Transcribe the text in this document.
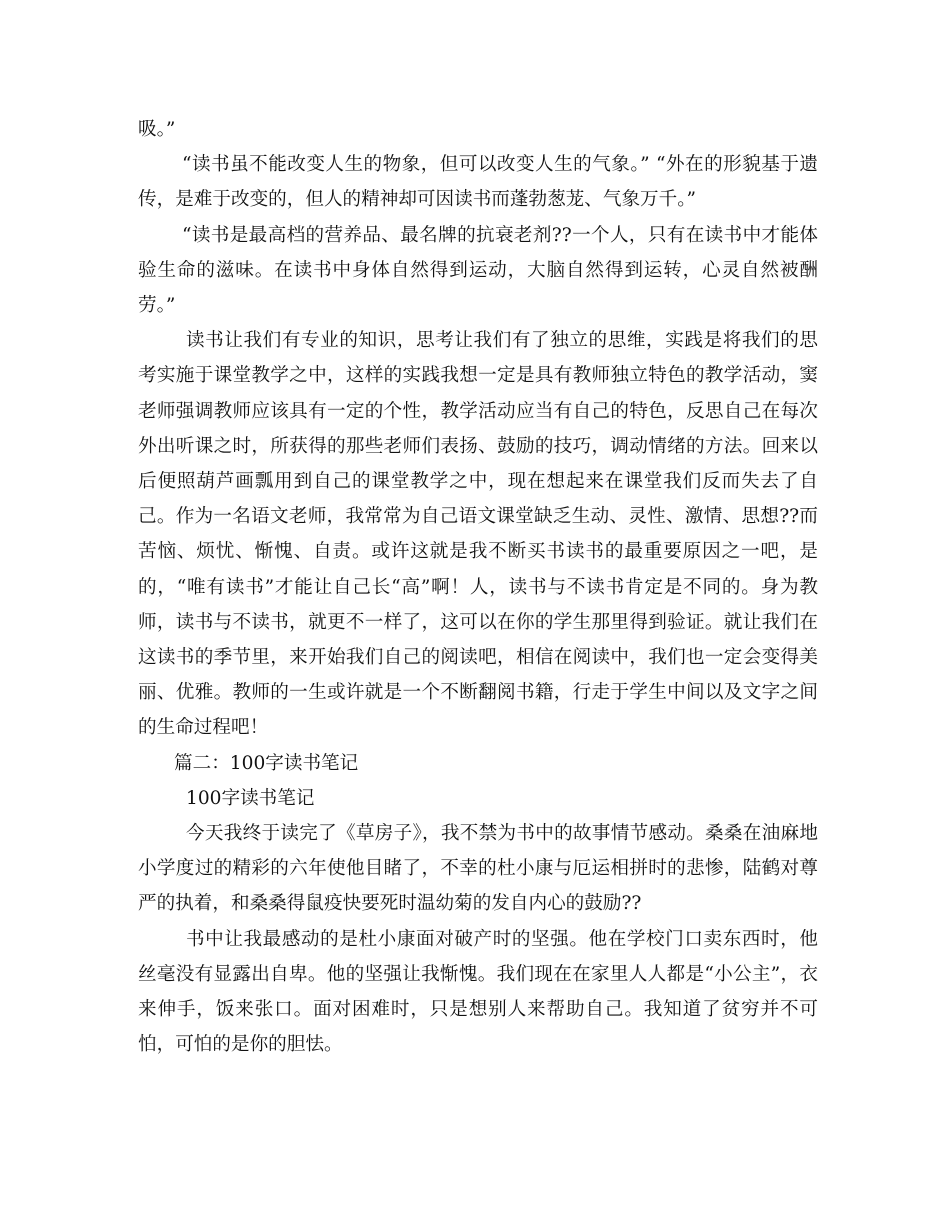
吸。”

“读书虽不能改变人生的物象，但可以改变人生的气象。” “外在的形貌基于遗传，是难于改变的，但人的精神却可因读书而蓬勃葱茏、气象万千。”

“读书是最高档的营养品、最名牌的抗衰老剂??一个人，只有在读书中才能体验生命的滋味。在读书中身体自然得到运动，大脑自然得到运转，心灵自然被酬劳。”

读书让我们有专业的知识，思考让我们有了独立的思维，实践是将我们的思考实施于课堂教学之中，这样的实践我想一定是具有教师独立特色的教学活动，窦老师强调教师应该具有一定的个性，教学活动应当有自己的特色，反思自己在每次外出听课之时，所获得的那些老师们表扬、鼓励的技巧，调动情绪的方法。回来以后便照葫芦画瓢用到自己的课堂教学之中，现在想起来在课堂我们反而失去了自己。作为一名语文老师，我常常为自己语文课堂缺乏生动、灵性、激情、思想??而苦恼、烦忧、惭愧、自责。或许这就是我不断买书读书的最重要原因之一吧，是的，“唯有读书”才能让自己长“高”啊！人，读书与不读书肯定是不同的。身为教师，读书与不读书，就更不一样了，这可以在你的学生那里得到验证。就让我们在这读书的季节里，来开始我们自己的阅读吧，相信在阅读中，我们也一定会变得美丽、优雅。教师的一生或许就是一个不断翻阅书籍，行走于学生中间以及文字之间的生命过程吧！

篇二：100字读书笔记

100字读书笔记

今天我终于读完了《草房子》，我不禁为书中的故事情节感动。桑桑在油麻地小学度过的精彩的六年使他目睹了，不幸的杜小康与厄运相拼时的悲惨，陆鹤对尊严的执着，和桑桑得鼠疫快要死时温幼菊的发自内心的鼓励??

书中让我最感动的是杜小康面对破产时的坚强。他在学校门口卖东西时，他丝毫没有显露出自卑。他的坚强让我惭愧。我们现在在家里人人都是“小公主”，衣来伸手，饭来张口。面对困难时，只是想别人来帮助自己。我知道了贫穷并不可怕，可怕的是你的胆怯。
